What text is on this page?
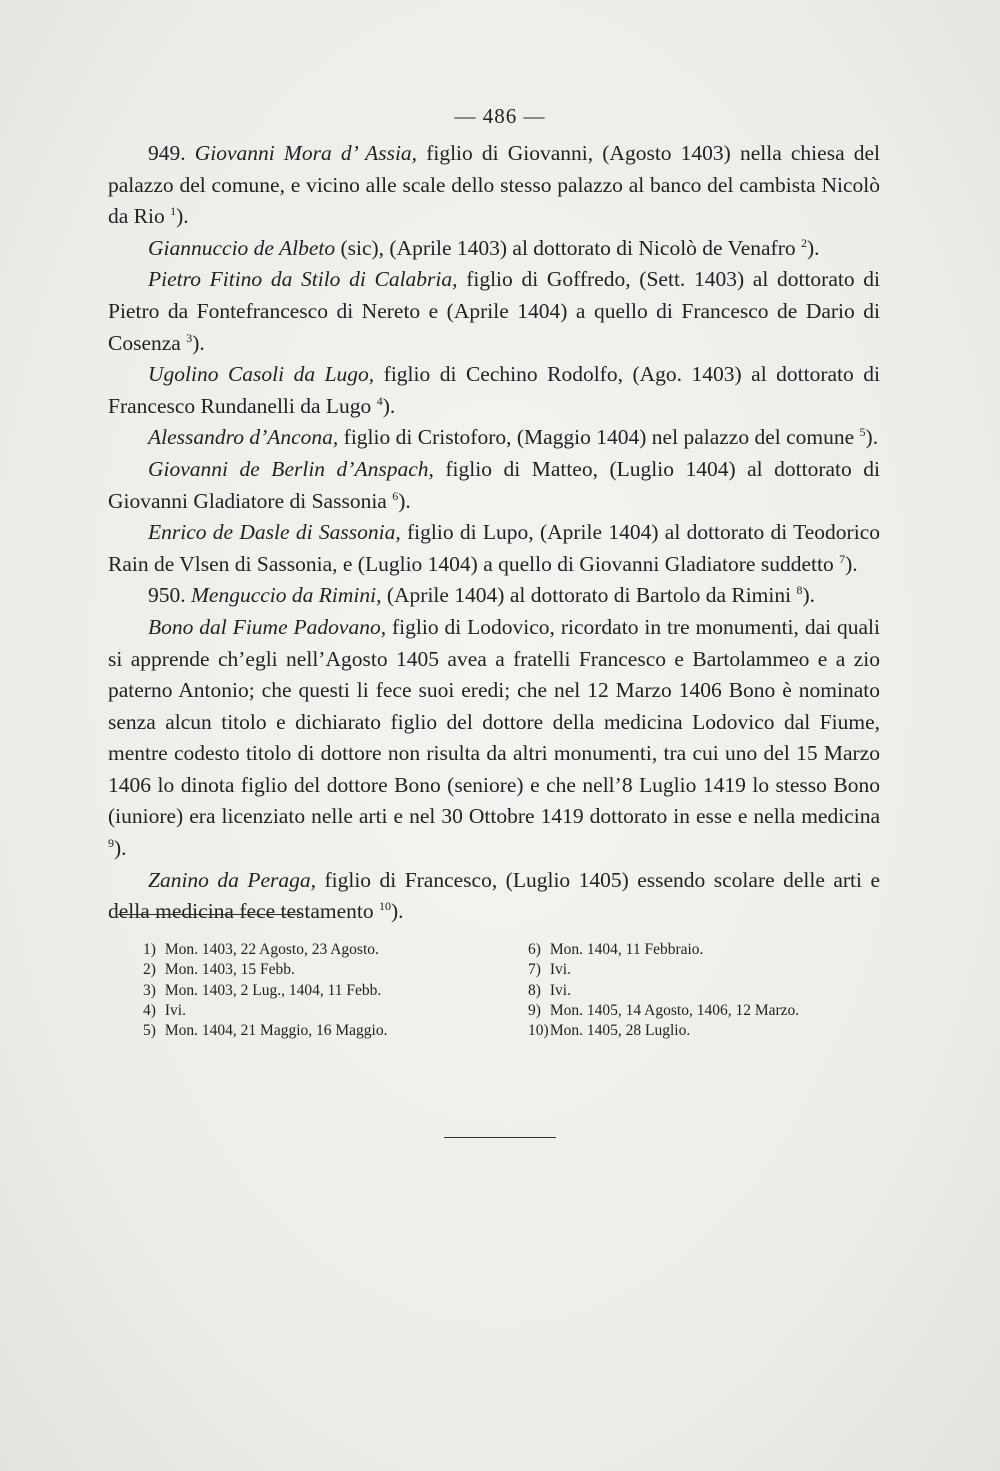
— 486 —

949. Giovanni Mora d’ Assia, figlio di Giovanni, (Agosto 1403) nella chiesa del palazzo del comune, e vicino alle scale dello stesso palazzo al banco del cambista Nicolò da Rio $^1$).

Giannuccio de Albeto (sic), (Aprile 1403) al dottorato di Nicolò de Venafro $^2$).

Pietro Fitino da Stilo di Calabria, figlio di Goffredo, (Sett. 1403) al dottorato di Pietro da Fontefrancesco di Nereto e (Aprile 1404) a quello di Francesco de Dario di Cosenza $^3$).

Ugolino Casoli da Lugo, figlio di Cechino Rodolfo, (Ago. 1403) al dottorato di Francesco Rundanelli da Lugo $^4$).

Alessandro d’Ancona, figlio di Cristoforo, (Maggio 1404) nel palazzo del comune $^5$).

Giovanni de Berlin d’Anspach, figlio di Matteo, (Luglio 1404) al dottorato di Giovanni Gladiatore di Sassonia $^6$).

Enrico de Dasle di Sassonia, figlio di Lupo, (Aprile 1404) al dottorato di Teodorico Rain de Vlsen di Sassonia, e (Luglio 1404) a quello di Giovanni Gladiatore suddetto $^7$).

950. Menguccio da Rimini, (Aprile 1404) al dottorato di Bartolo da Rimini $^8$).

Bono dal Fiume Padovano, figlio di Lodovico, ricordato in tre monumenti, dai quali si apprende ch’egli nell’Agosto 1405 avea a fratelli Francesco e Bartolammeo e a zio paterno Antonio; che questi li fece suoi eredi; che nel 12 Marzo 1406 Bono è nominato senza alcun titolo e dichiarato figlio del dottore della medicina Lodovico dal Fiume, mentre codesto titolo di dottore non risulta da altri monumenti, tra cui uno del 15 Marzo 1406 lo dinota figlio del dottore Bono (seniore) e che nell’8 Luglio 1419 lo stesso Bono (iuniore) era licenziato nelle arti e nel 30 Ottobre 1419 dottorato in esse e nella medicina $^9$).

Zanino da Peraga, figlio di Francesco, (Luglio 1405) essendo scolare delle arti e della medicina fece testamento $^{10}$).

1) Mon. 1403, 22 Agosto, 23 Agosto.
2) Mon. 1403, 15 Febb.
3) Mon. 1403, 2 Lug., 1404, 11 Febb.
4) Ivi.
5) Mon. 1404, 21 Maggio, 16 Maggio.
6) Mon. 1404, 11 Febbraio.
7) Ivi.
8) Ivi.
9) Mon. 1405, 14 Agosto, 1406, 12 Marzo.
10) Mon. 1405, 28 Luglio.
